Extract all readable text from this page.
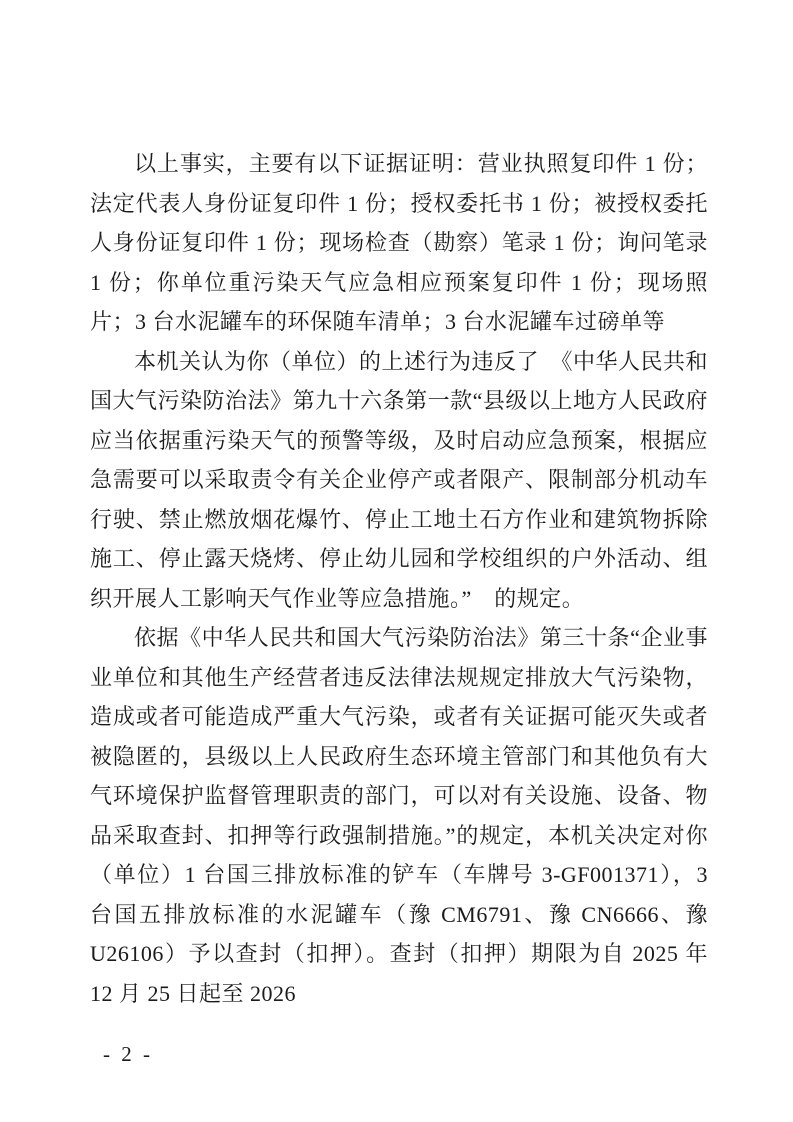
以上事实，主要有以下证据证明：营业执照复印件 1 份；法定代表人身份证复印件 1 份；授权委托书 1 份；被授权委托人身份证复印件 1 份；现场检查（勘察）笔录 1 份；询问笔录 1 份；你单位重污染天气应急相应预案复印件 1 份；现场照片；3 台水泥罐车的环保随车清单；3 台水泥罐车过磅单等

本机关认为你（单位）的上述行为违反了　《中华人民共和国大气污染防治法》第九十六条第一款“县级以上地方人民政府应当依据重污染天气的预警等级，及时启动应急预案，根据应急需要可以采取责令有关企业停产或者限产、限制部分机动车行驶、禁止燃放烟花爆竹、停止工地土石方作业和建筑物拆除施工、停止露天烧烤、停止幼儿园和学校组织的户外活动、组织开展人工影响天气作业等应急措施。”　的规定。

依据《中华人民共和国大气污染防治法》第三十条“企业事业单位和其他生产经营者违反法律法规规定排放大气污染物，造成或者可能造成严重大气污染，或者有关证据可能灭失或者被隐匿的，县级以上人民政府生态环境主管部门和其他负有大气环境保护监督管理职责的部门，可以对有关设施、设备、物品采取查封、扣押等行政强制措施。”的规定，本机关决定对你（单位）1 台国三排放标准的铲车（车牌号 3-GF001371），3 台国五排放标准的水泥罐车（豫 CM6791、豫 CN6666、豫 U26106）予以查封（扣押）。查封（扣押）期限为自 2025 年 12 月 25 日起至 2026

- 2 -
